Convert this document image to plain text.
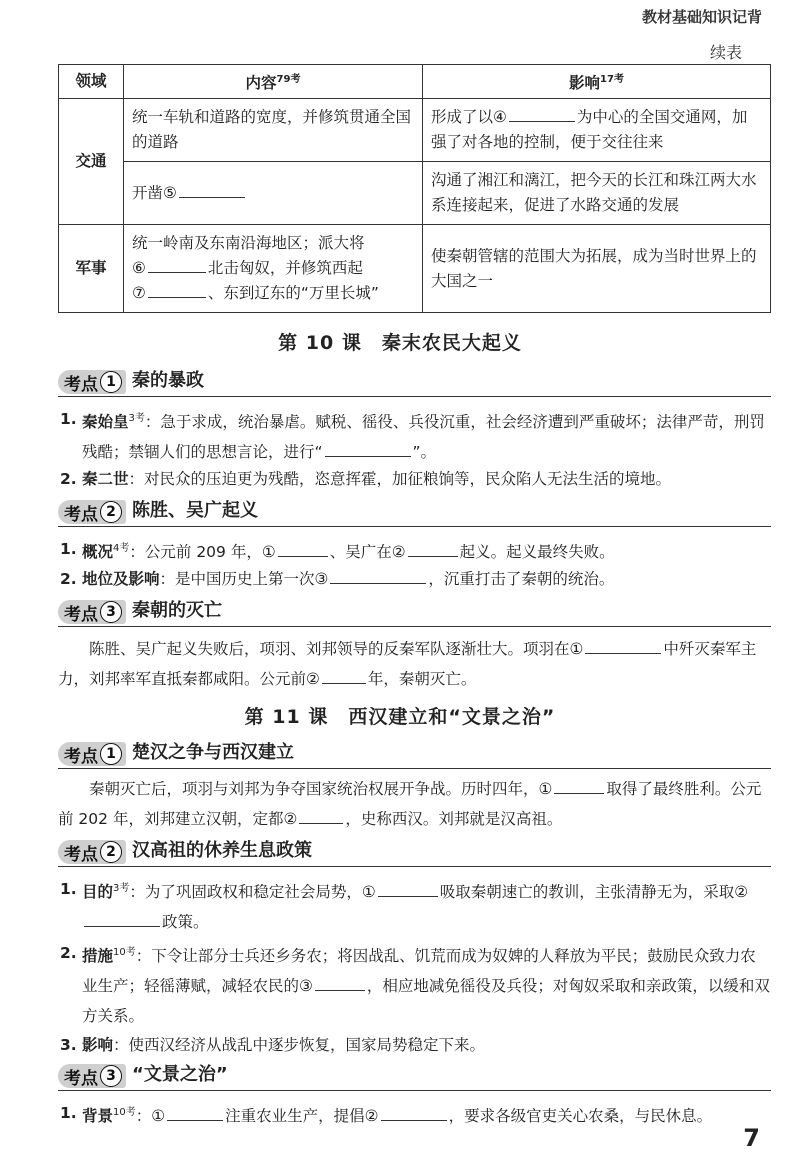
教材基础知识记背
续表
领域	内容$^{79考}$	影响$^{17考}$
交通	统一车轨和道路的宽度，并修筑贯通全国的道路	形成了以④ 为中心的全国交通网，加强了对各地的控制，便于交往往来
	开凿⑤	沟通了湘江和漓江，把今天的长江和珠江两大水系连接起来，促进了水路交通的发展
军事	统一岭南及东南沿海地区；派大将
⑥ 北击匈奴，并修筑西起
⑦ 、东到辽东的“万里长城”	使秦朝管辖的范围大为拓展，成为当时世界上的大国之一
第 10 课　秦末农民大起义
考点 1 秦的暴政
1. 秦始皇$^{3考}$：急于求成，统治暴虐。赋税、徭役、兵役沉重，社会经济遭到严重破坏；法律严苛，刑罚残酷；禁锢人们的思想言论，进行“	”。
2. 秦二世：对民众的压迫更为残酷，恣意挥霍，加征粮饷等，民众陷人无法生活的境地。
考点 2 陈胜、吴广起义
1. 概况$^{4考}$：公元前 209 年，①	、吴广在②	起义。起义最终失败。
2. 地位及影响：是中国历史上第一次③	，沉重打击了秦朝的统治。
考点 3 秦朝的灭亡
陈胜、吴广起义失败后，项羽、刘邦领导的反秦军队逐渐壮大。项羽在①	中歼灭秦军主力，刘邦率军直抵秦都咸阳。公元前②	年，秦朝灭亡。
第 11 课　西汉建立和“文景之治”
考点 1 楚汉之争与西汉建立
秦朝灭亡后，项羽与刘邦为争夺国家统治权展开争战。历时四年，①	取得了最终胜利。公元前 202 年，刘邦建立汉朝，定都②	，史称西汉。刘邦就是汉高祖。
考点 2 汉高祖的休养生息政策
1. 目的$^{3考}$：为了巩固政权和稳定社会局势，①	吸取秦朝速亡的教训，主张清静无为，采取②政策。
2. 措施$^{10考}$：下令让部分士兵还乡务农；将因战乱、饥荒而成为奴婢的人释放为平民；鼓励民众致力农业生产；轻徭薄赋，减轻农民的③	，相应地减免徭役及兵役；对匈奴采取和亲政策，以缓和双方关系。
3. 影响：使西汉经济从战乱中逐步恢复，国家局势稳定下来。
考点 3 “文景之治”
1. 背景$^{10考}$：①	注重农业生产，提倡②	，要求各级官吏关心农桑，与民休息。
7
